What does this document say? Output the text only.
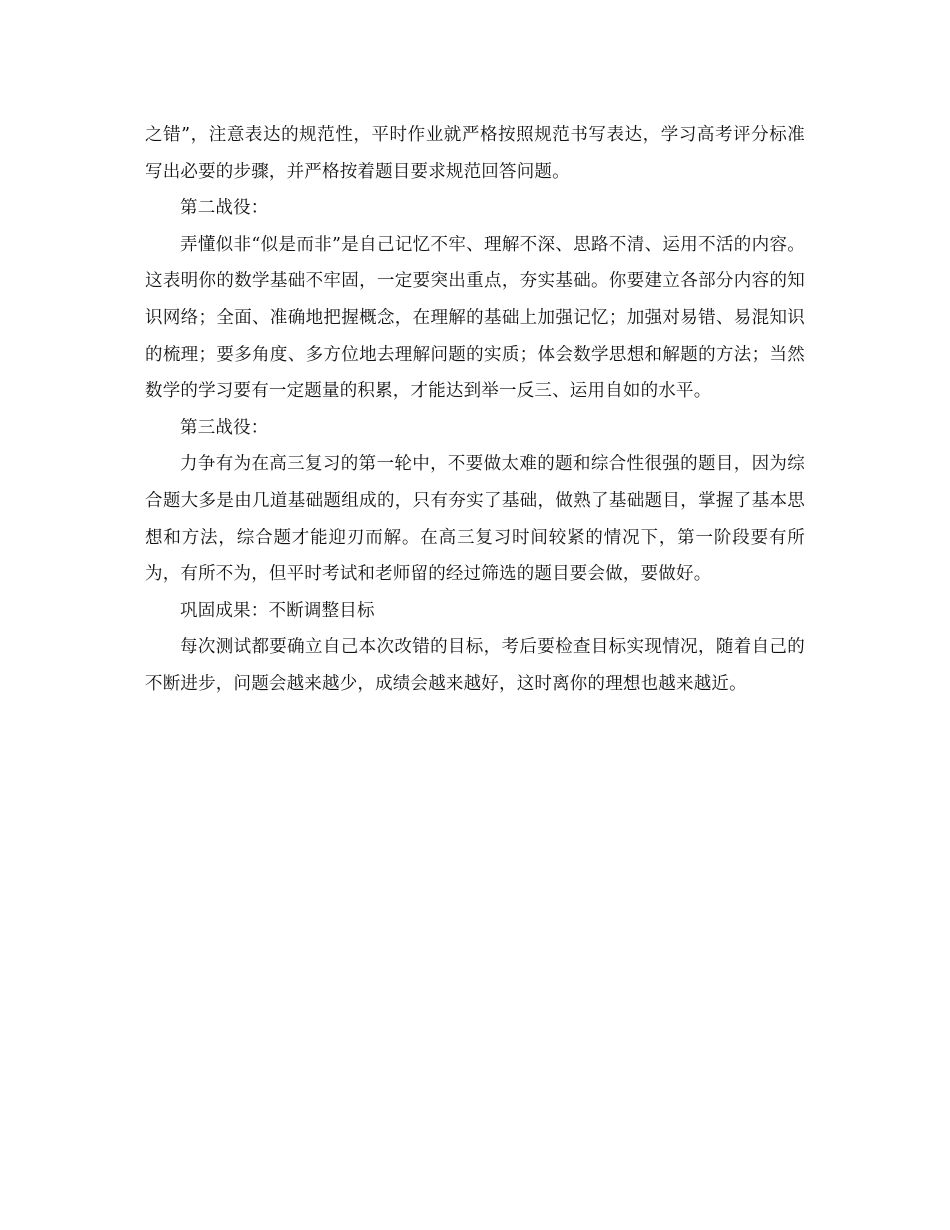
之错”，注意表达的规范性，平时作业就严格按照规范书写表达，学习高考评分标准写出必要的步骤，并严格按着题目要求规范回答问题。

第二战役：

弄懂似非“似是而非”是自己记忆不牢、理解不深、思路不清、运用不活的内容。这表明你的数学基础不牢固，一定要突出重点，夯实基础。你要建立各部分内容的知识网络；全面、准确地把握概念，在理解的基础上加强记忆；加强对易错、易混知识的梳理；要多角度、多方位地去理解问题的实质；体会数学思想和解题的方法；当然数学的学习要有一定题量的积累，才能达到举一反三、运用自如的水平。

第三战役：

力争有为在高三复习的第一轮中，不要做太难的题和综合性很强的题目，因为综合题大多是由几道基础题组成的，只有夯实了基础，做熟了基础题目，掌握了基本思想和方法，综合题才能迎刃而解。在高三复习时间较紧的情况下，第一阶段要有所为，有所不为，但平时考试和老师留的经过筛选的题目要会做，要做好。

巩固成果：不断调整目标

每次测试都要确立自己本次改错的目标，考后要检查目标实现情况，随着自己的不断进步，问题会越来越少，成绩会越来越好，这时离你的理想也越来越近。
